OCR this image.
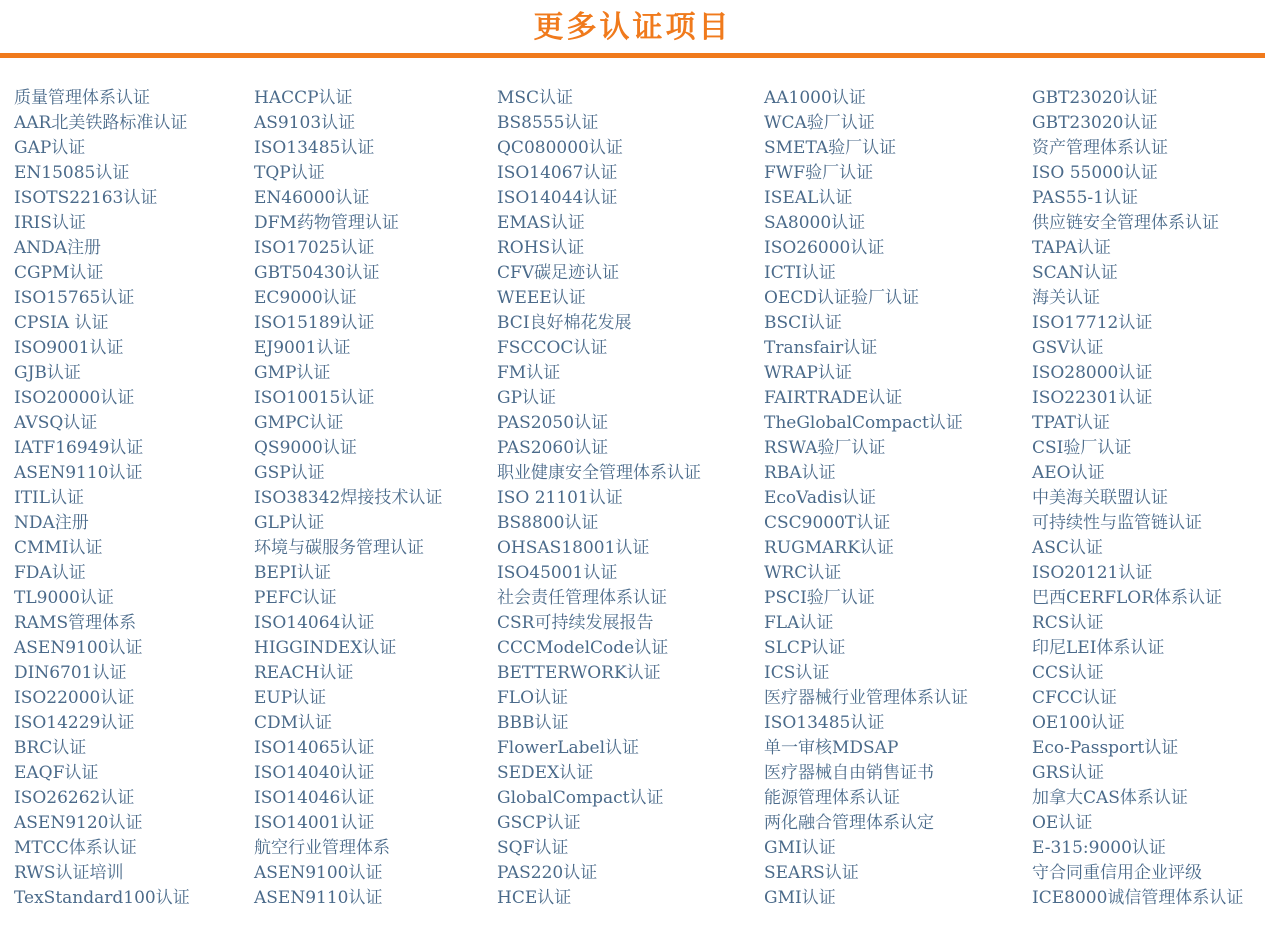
更多认证项目
质量管理体系认证
AAR北美铁路标准认证
GAP认证
EN15085认证
ISOTS22163认证
IRIS认证
ANDA注册
CGPM认证
ISO15765认证
CPSIA 认证
ISO9001认证
GJB认证
ISO20000认证
AVSQ认证
IATF16949认证
ASEN9110认证
ITIL认证
NDA注册
CMMI认证
FDA认证
TL9000认证
RAMS管理体系
ASEN9100认证
DIN6701认证
ISO22000认证
ISO14229认证
BRC认证
EAQF认证
ISO26262认证
ASEN9120认证
MTCC体系认证
RWS认证培训
TexStandard100认证
HACCP认证
AS9103认证
ISO13485认证
TQP认证
EN46000认证
DFM药物管理认证
ISO17025认证
GBT50430认证
EC9000认证
ISO15189认证
EJ9001认证
GMP认证
ISO10015认证
GMPC认证
QS9000认证
GSP认证
ISO38342焊接技术认证
GLP认证
环境与碳服务管理认证
BEPI认证
PEFC认证
ISO14064认证
HIGGINDEX认证
REACH认证
EUP认证
CDM认证
ISO14065认证
ISO14040认证
ISO14046认证
ISO14001认证
航空行业管理体系
ASEN9100认证
ASEN9110认证
MSC认证
BS8555认证
QC080000认证
ISO14067认证
ISO14044认证
EMAS认证
ROHS认证
CFV碳足迹认证
WEEE认证
BCI良好棉花发展
FSCCOC认证
FM认证
GP认证
PAS2050认证
PAS2060认证
职业健康安全管理体系认证
ISO 21101认证
BS8800认证
OHSAS18001认证
ISO45001认证
社会责任管理体系认证
CSR可持续发展报告
CCCModelCode认证
BETTERWORK认证
FLO认证
BBB认证
FlowerLabel认证
SEDEX认证
GlobalCompact认证
GSCP认证
SQF认证
PAS220认证
HCE认证
AA1000认证
WCA验厂认证
SMETA验厂认证
FWF验厂认证
ISEAL认证
SA8000认证
ISO26000认证
ICTI认证
OECD认证验厂认证
BSCI认证
Transfair认证
WRAP认证
FAIRTRADE认证
TheGlobalCompact认证
RSWA验厂认证
RBA认证
EcoVadis认证
CSC9000T认证
RUGMARK认证
WRC认证
PSCI验厂认证
FLA认证
SLCP认证
ICS认证
医疗器械行业管理体系认证
ISO13485认证
单一审核MDSAP
医疗器械自由销售证书
能源管理体系认证
两化融合管理体系认定
GMI认证
SEARS认证
GMI认证
GBT23020认证
GBT23020认证
资产管理体系认证
ISO 55000认证
PAS55-1认证
供应链安全管理体系认证
TAPA认证
SCAN认证
海关认证
ISO17712认证
GSV认证
ISO28000认证
ISO22301认证
TPAT认证
CSI验厂认证
AEO认证
中美海关联盟认证
可持续性与监管链认证
ASC认证
ISO20121认证
巴西CERFLOR体系认证
RCS认证
印尼LEI体系认证
CCS认证
CFCC认证
OE100认证
Eco-Passport认证
GRS认证
加拿大CAS体系认证
OE认证
E-315:9000认证
守合同重信用企业评级
ICE8000诚信管理体系认证
